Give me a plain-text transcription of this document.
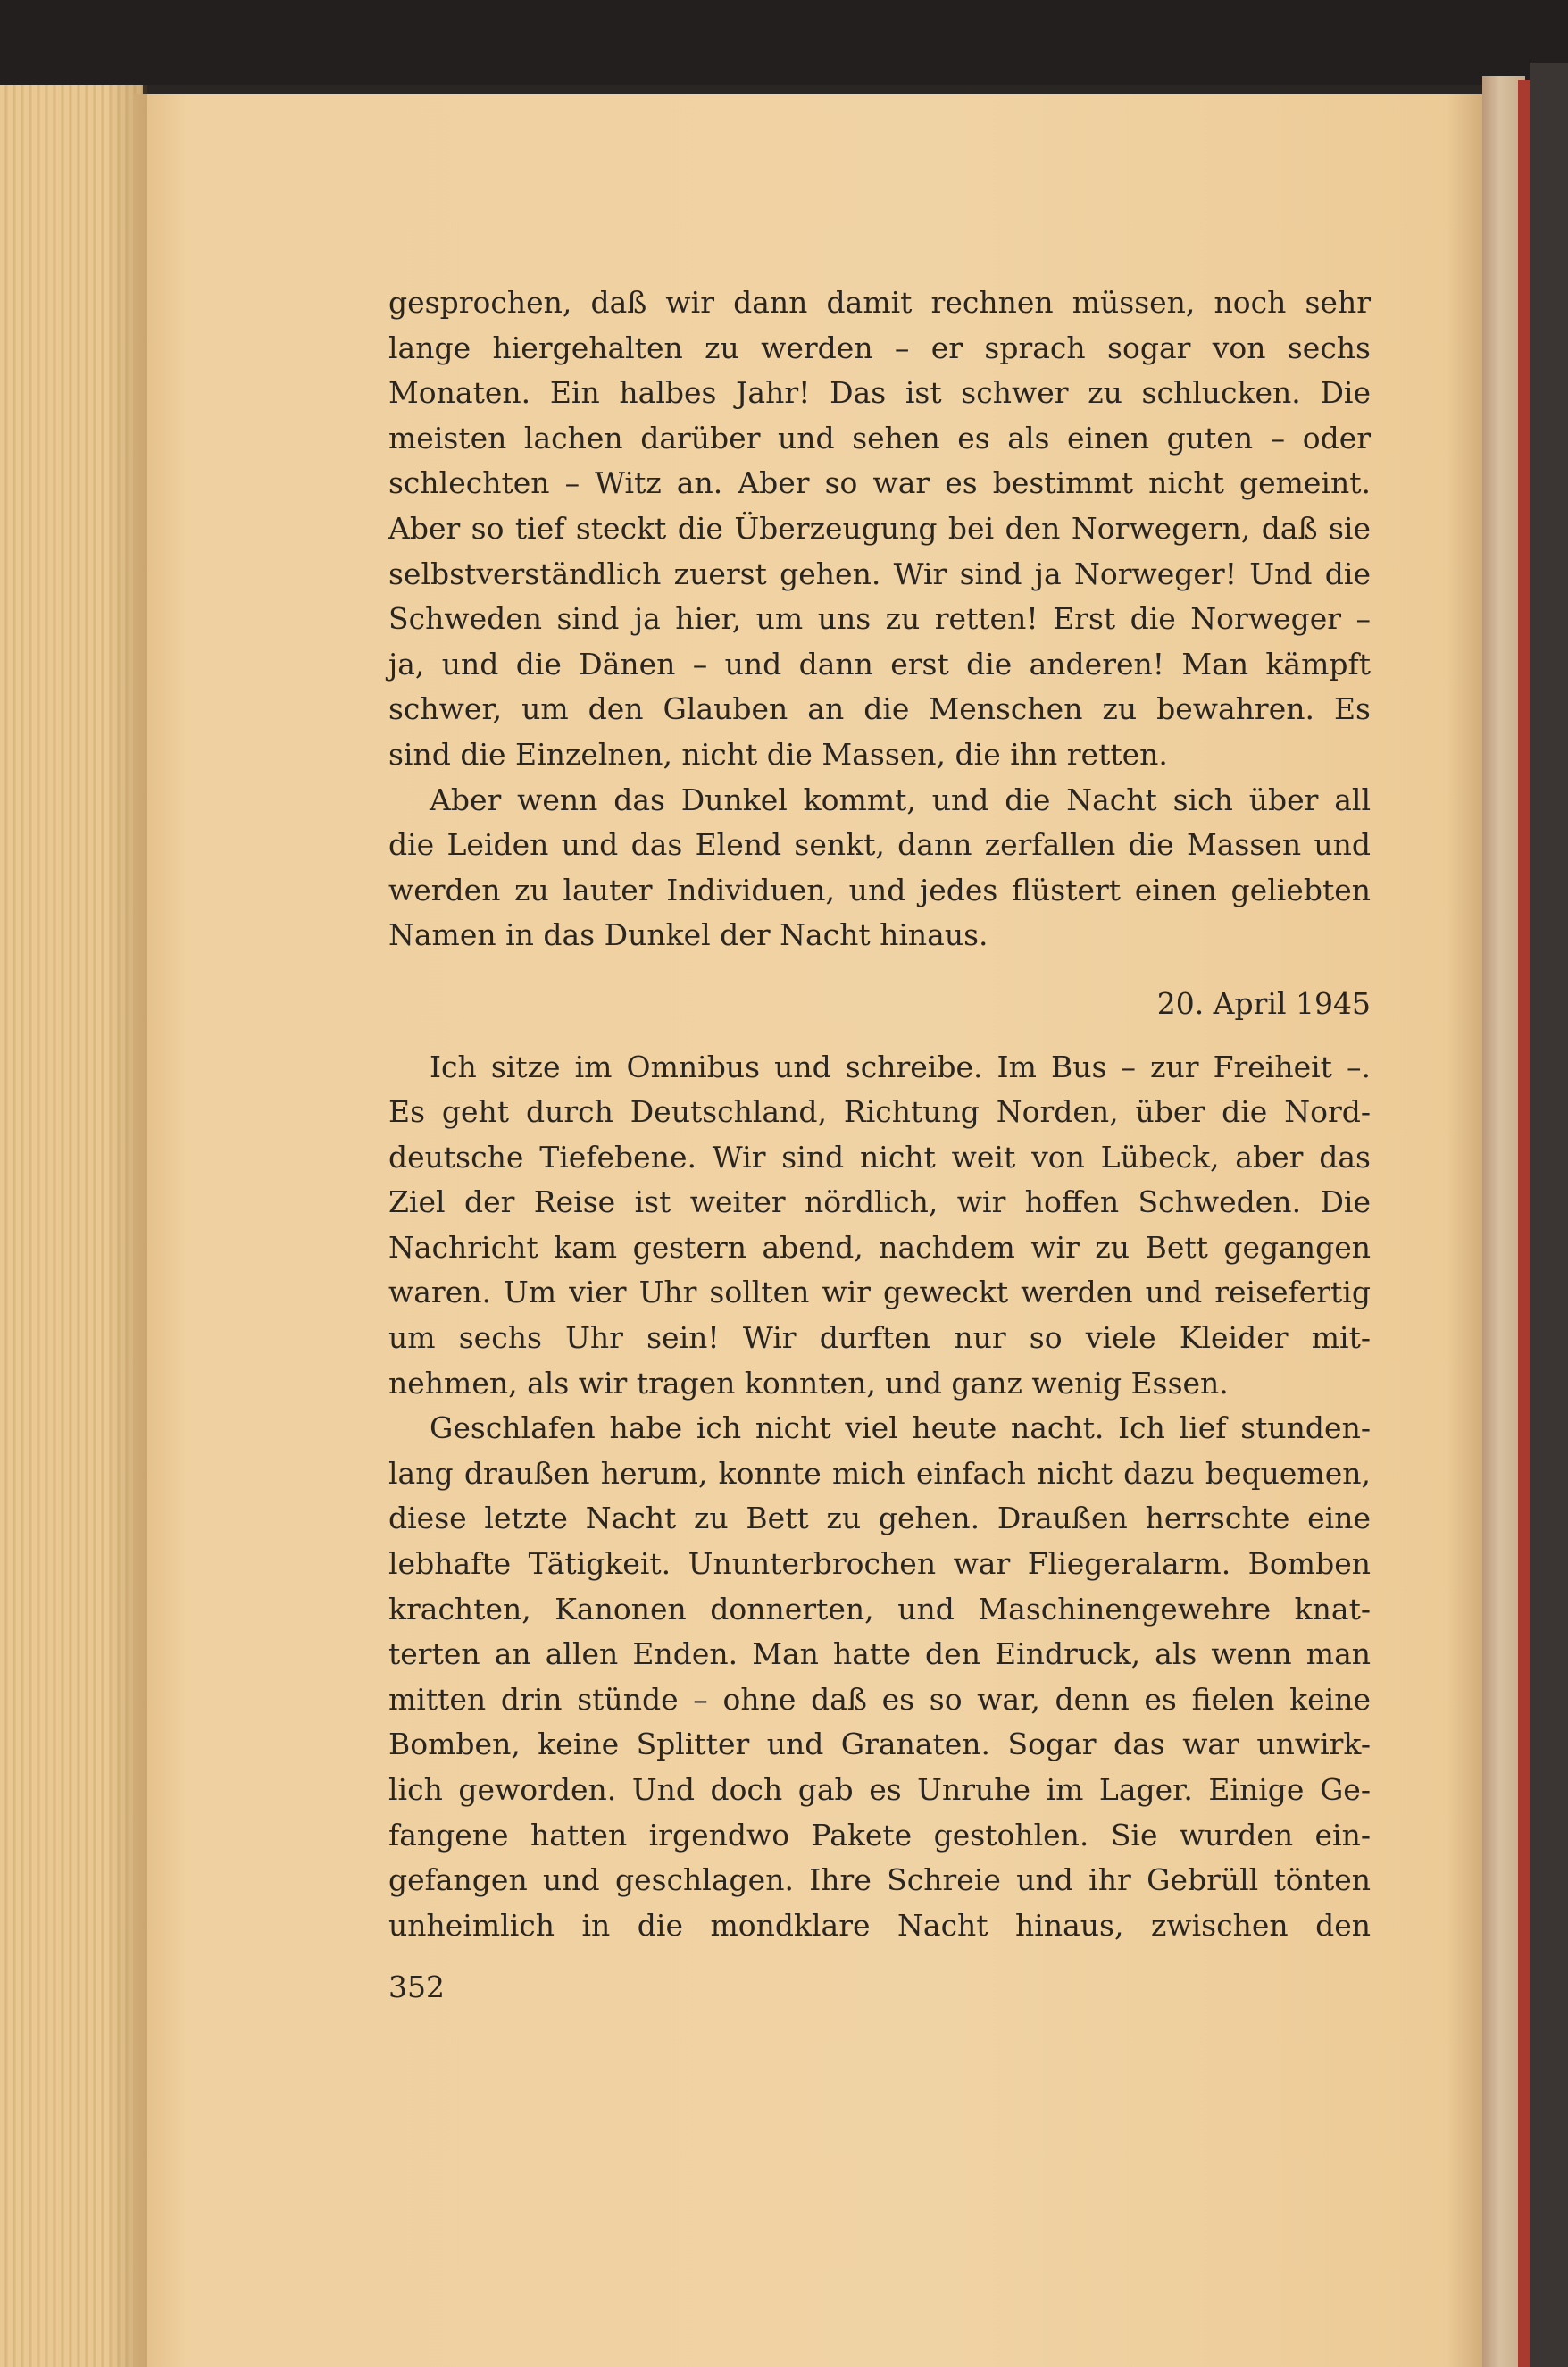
gesprochen, daß wir dann damit rechnen müssen, noch sehr
lange hiergehalten zu werden – er sprach sogar von sechs
Monaten. Ein halbes Jahr! Das ist schwer zu schlucken. Die
meisten lachen darüber und sehen es als einen guten – oder
schlechten – Witz an. Aber so war es bestimmt nicht gemeint.
Aber so tief steckt die Überzeugung bei den Norwegern, daß sie
selbstverständlich zuerst gehen. Wir sind ja Norweger! Und die
Schweden sind ja hier, um uns zu retten! Erst die Norweger –
ja, und die Dänen – und dann erst die anderen! Man kämpft
schwer, um den Glauben an die Menschen zu bewahren. Es
sind die Einzelnen, nicht die Massen, die ihn retten.
Aber wenn das Dunkel kommt, und die Nacht sich über all
die Leiden und das Elend senkt, dann zerfallen die Massen und
werden zu lauter Individuen, und jedes flüstert einen geliebten
Namen in das Dunkel der Nacht hinaus.
20. April 1945
Ich sitze im Omnibus und schreibe. Im Bus – zur Freiheit –.
Es geht durch Deutschland, Richtung Norden, über die Nord-
deutsche Tiefebene. Wir sind nicht weit von Lübeck, aber das
Ziel der Reise ist weiter nördlich, wir hoffen Schweden. Die
Nachricht kam gestern abend, nachdem wir zu Bett gegangen
waren. Um vier Uhr sollten wir geweckt werden und reisefertig
um sechs Uhr sein! Wir durften nur so viele Kleider mit-
nehmen, als wir tragen konnten, und ganz wenig Essen.
Geschlafen habe ich nicht viel heute nacht. Ich lief stunden-
lang draußen herum, konnte mich einfach nicht dazu bequemen,
diese letzte Nacht zu Bett zu gehen. Draußen herrschte eine
lebhafte Tätigkeit. Ununterbrochen war Fliegeralarm. Bomben
krachten, Kanonen donnerten, und Maschinengewehre knat-
terten an allen Enden. Man hatte den Eindruck, als wenn man
mitten drin stünde – ohne daß es so war, denn es fielen keine
Bomben, keine Splitter und Granaten. Sogar das war unwirk-
lich geworden. Und doch gab es Unruhe im Lager. Einige Ge-
fangene hatten irgendwo Pakete gestohlen. Sie wurden ein-
gefangen und geschlagen. Ihre Schreie und ihr Gebrüll tönten
unheimlich in die mondklare Nacht hinaus, zwischen den
352
